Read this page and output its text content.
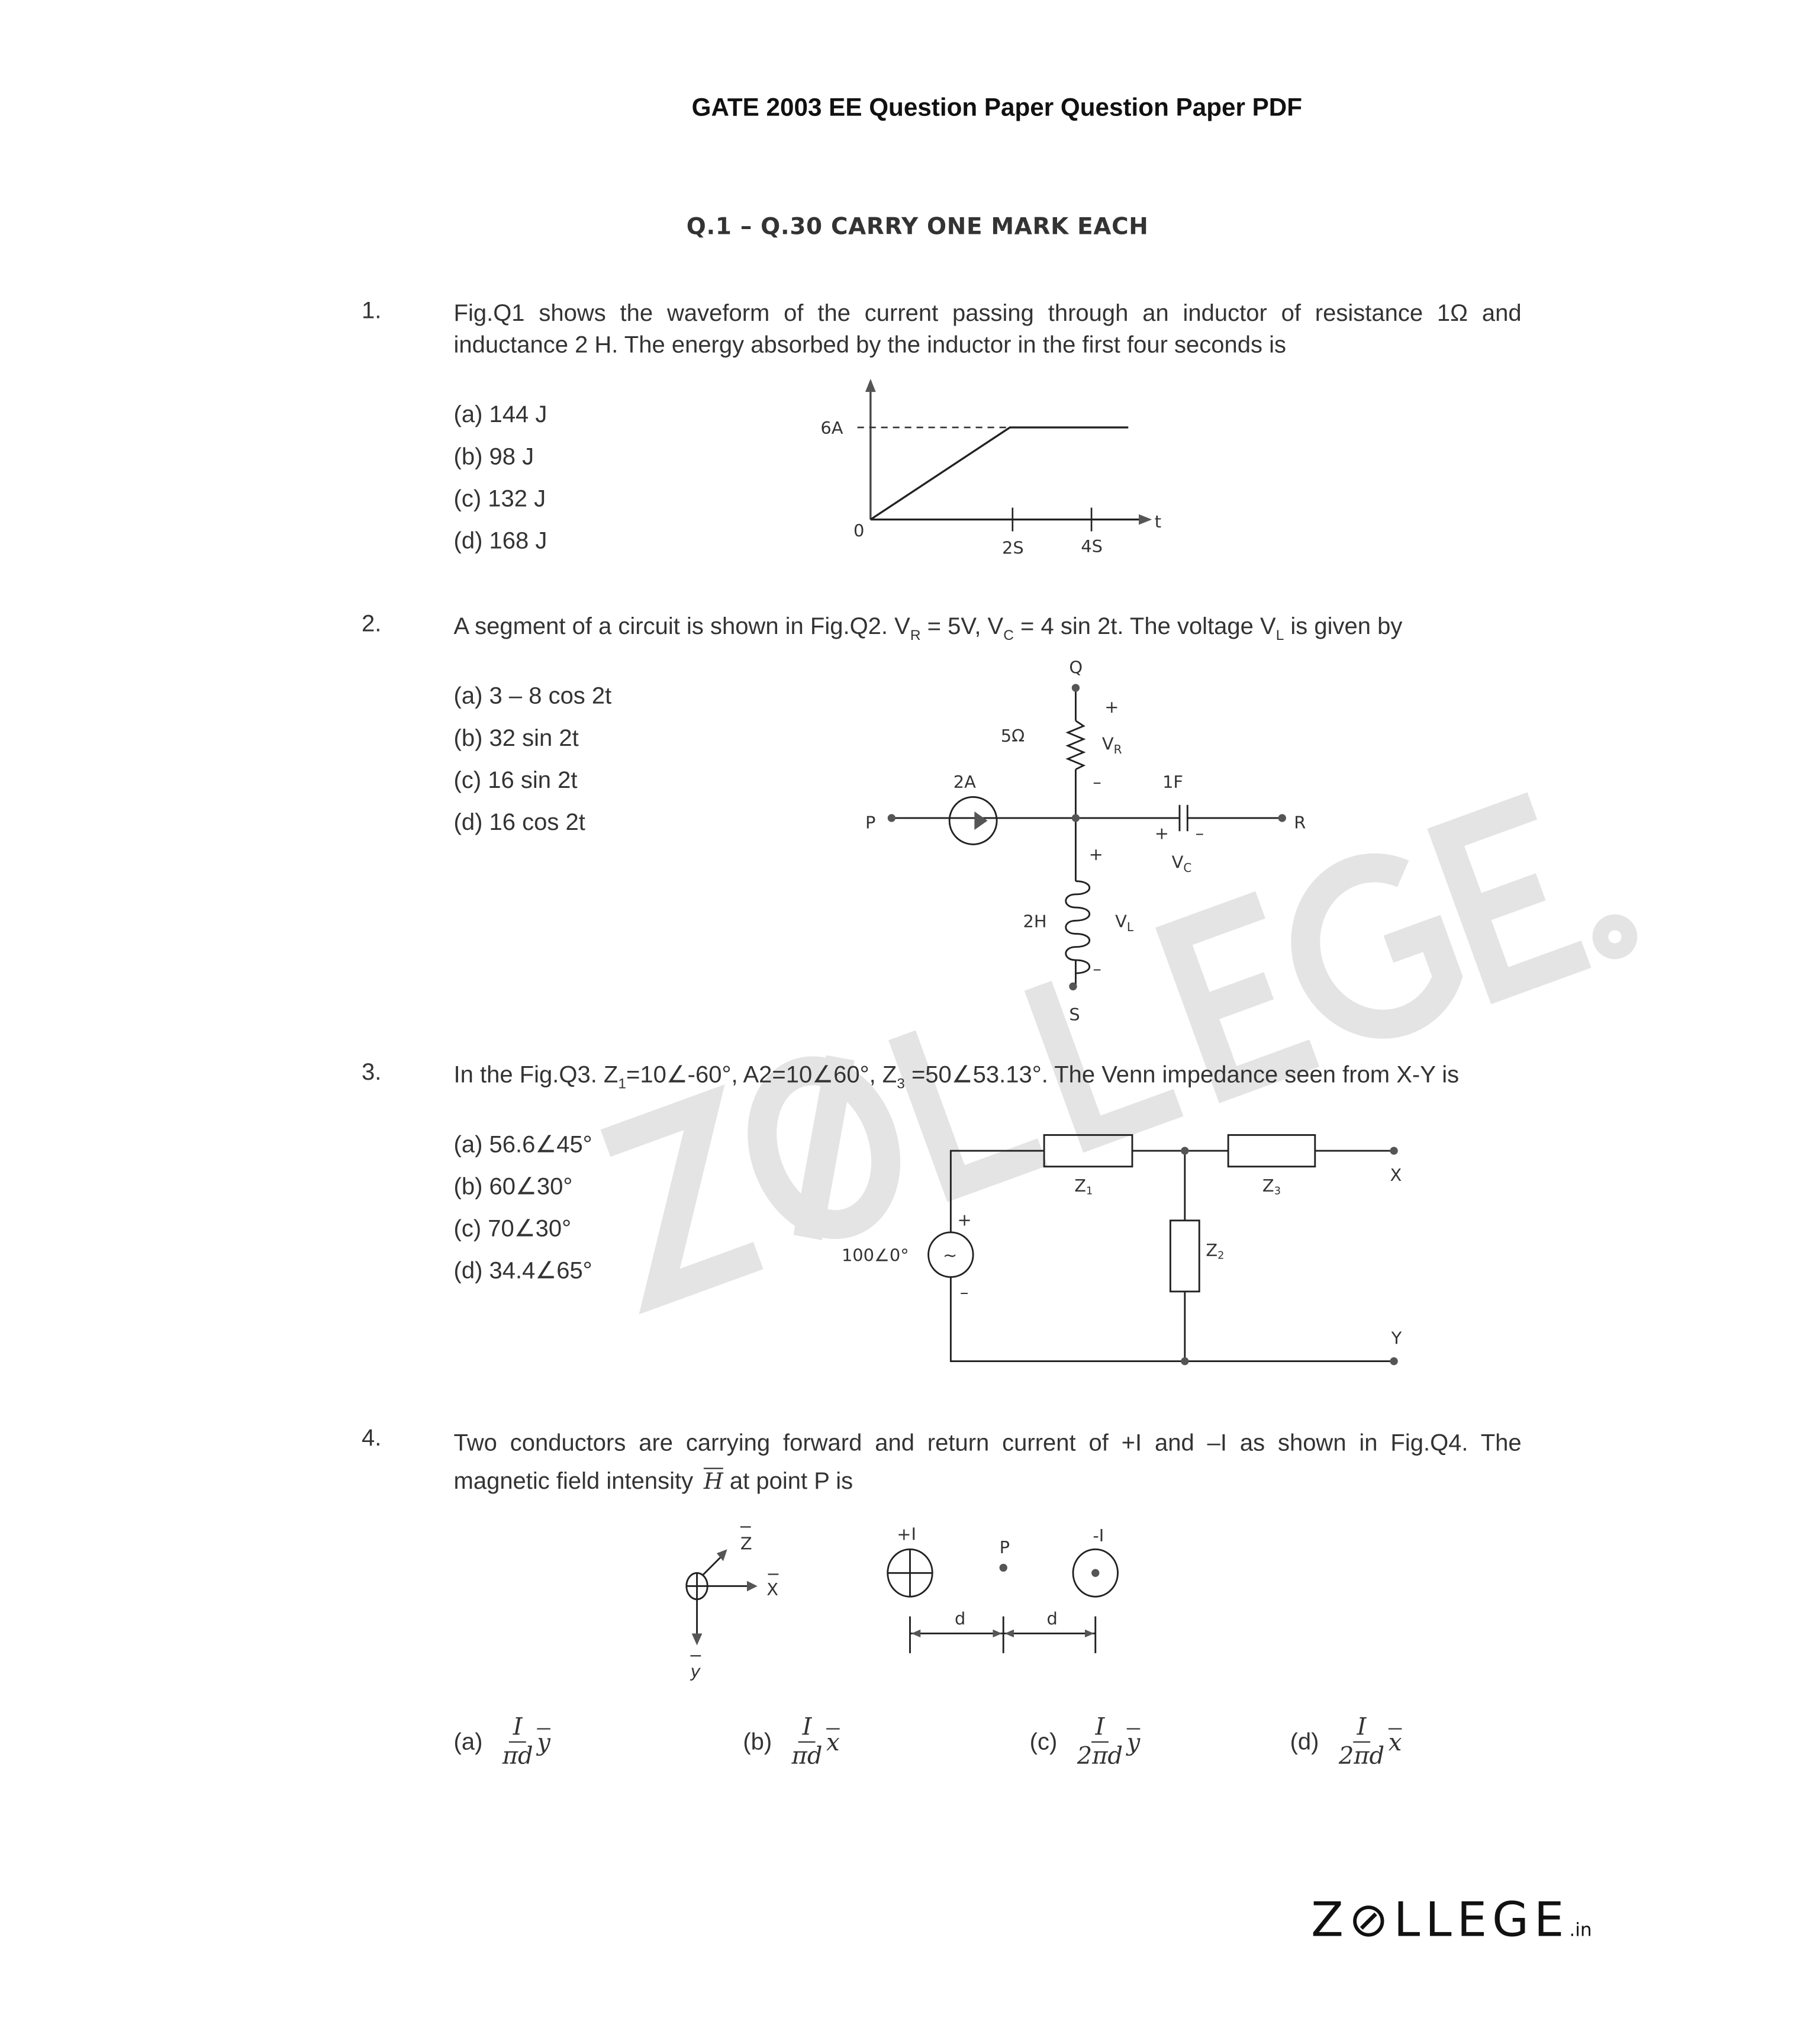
GATE 2003 EE Question Paper Question Paper PDF
Q.1 – Q.30 CARRY ONE MARK EACH
1.	Fig.Q1 shows the waveform of the current passing through an inductor of resistance 1Ω and inductance 2 H. The energy absorbed by the inductor in the first four seconds is
(a) 144 J
(b) 98 J
(c) 132 J
(d) 168 J
6A
0
2S	4S
t
2.	A segment of a circuit is shown in Fig.Q2. $V_R = 5V$, $V_C = 4$ sin 2t. The voltage $V_L$ is given by
(a) 3 – 8 cos 2t
(b) 32 sin 2t
(c) 16 sin 2t
(d) 16 cos 2t
Q
P	R
S
5Ω
2A	1F
2H
$V_R$
$V_C$
$V_L$
+
–
+	–
+
–
3.	In the Fig.Q3. $Z_1=10\angle-60^\circ$, A2=10∠60°, $Z_3$ =50∠53.13°. The Venn impedance seen from X-Y is
(a) 56.6∠45°
(b) 60∠30°
(c) 70∠30°
(d) 34.4∠65°
~
100∠0°
+
–
Z1	Z3
Z2
X
Y
4.	Two conductors are carrying forward and return current of +I and –I as shown in Fig.Q4. The magnetic field intensity $\overline{H}$ at point P is
Z
X
y
+I
P
-I
d	d
$(a) \frac{I}{\pi d} \overline{y}$	$(b) \frac{I}{\pi d} \overline{x}$	$(c) \frac{I}{2\pi d} \overline{y}$	$(d) \frac{I}{2\pi d} \overline{x}$
Z⊘LLEGE.in
